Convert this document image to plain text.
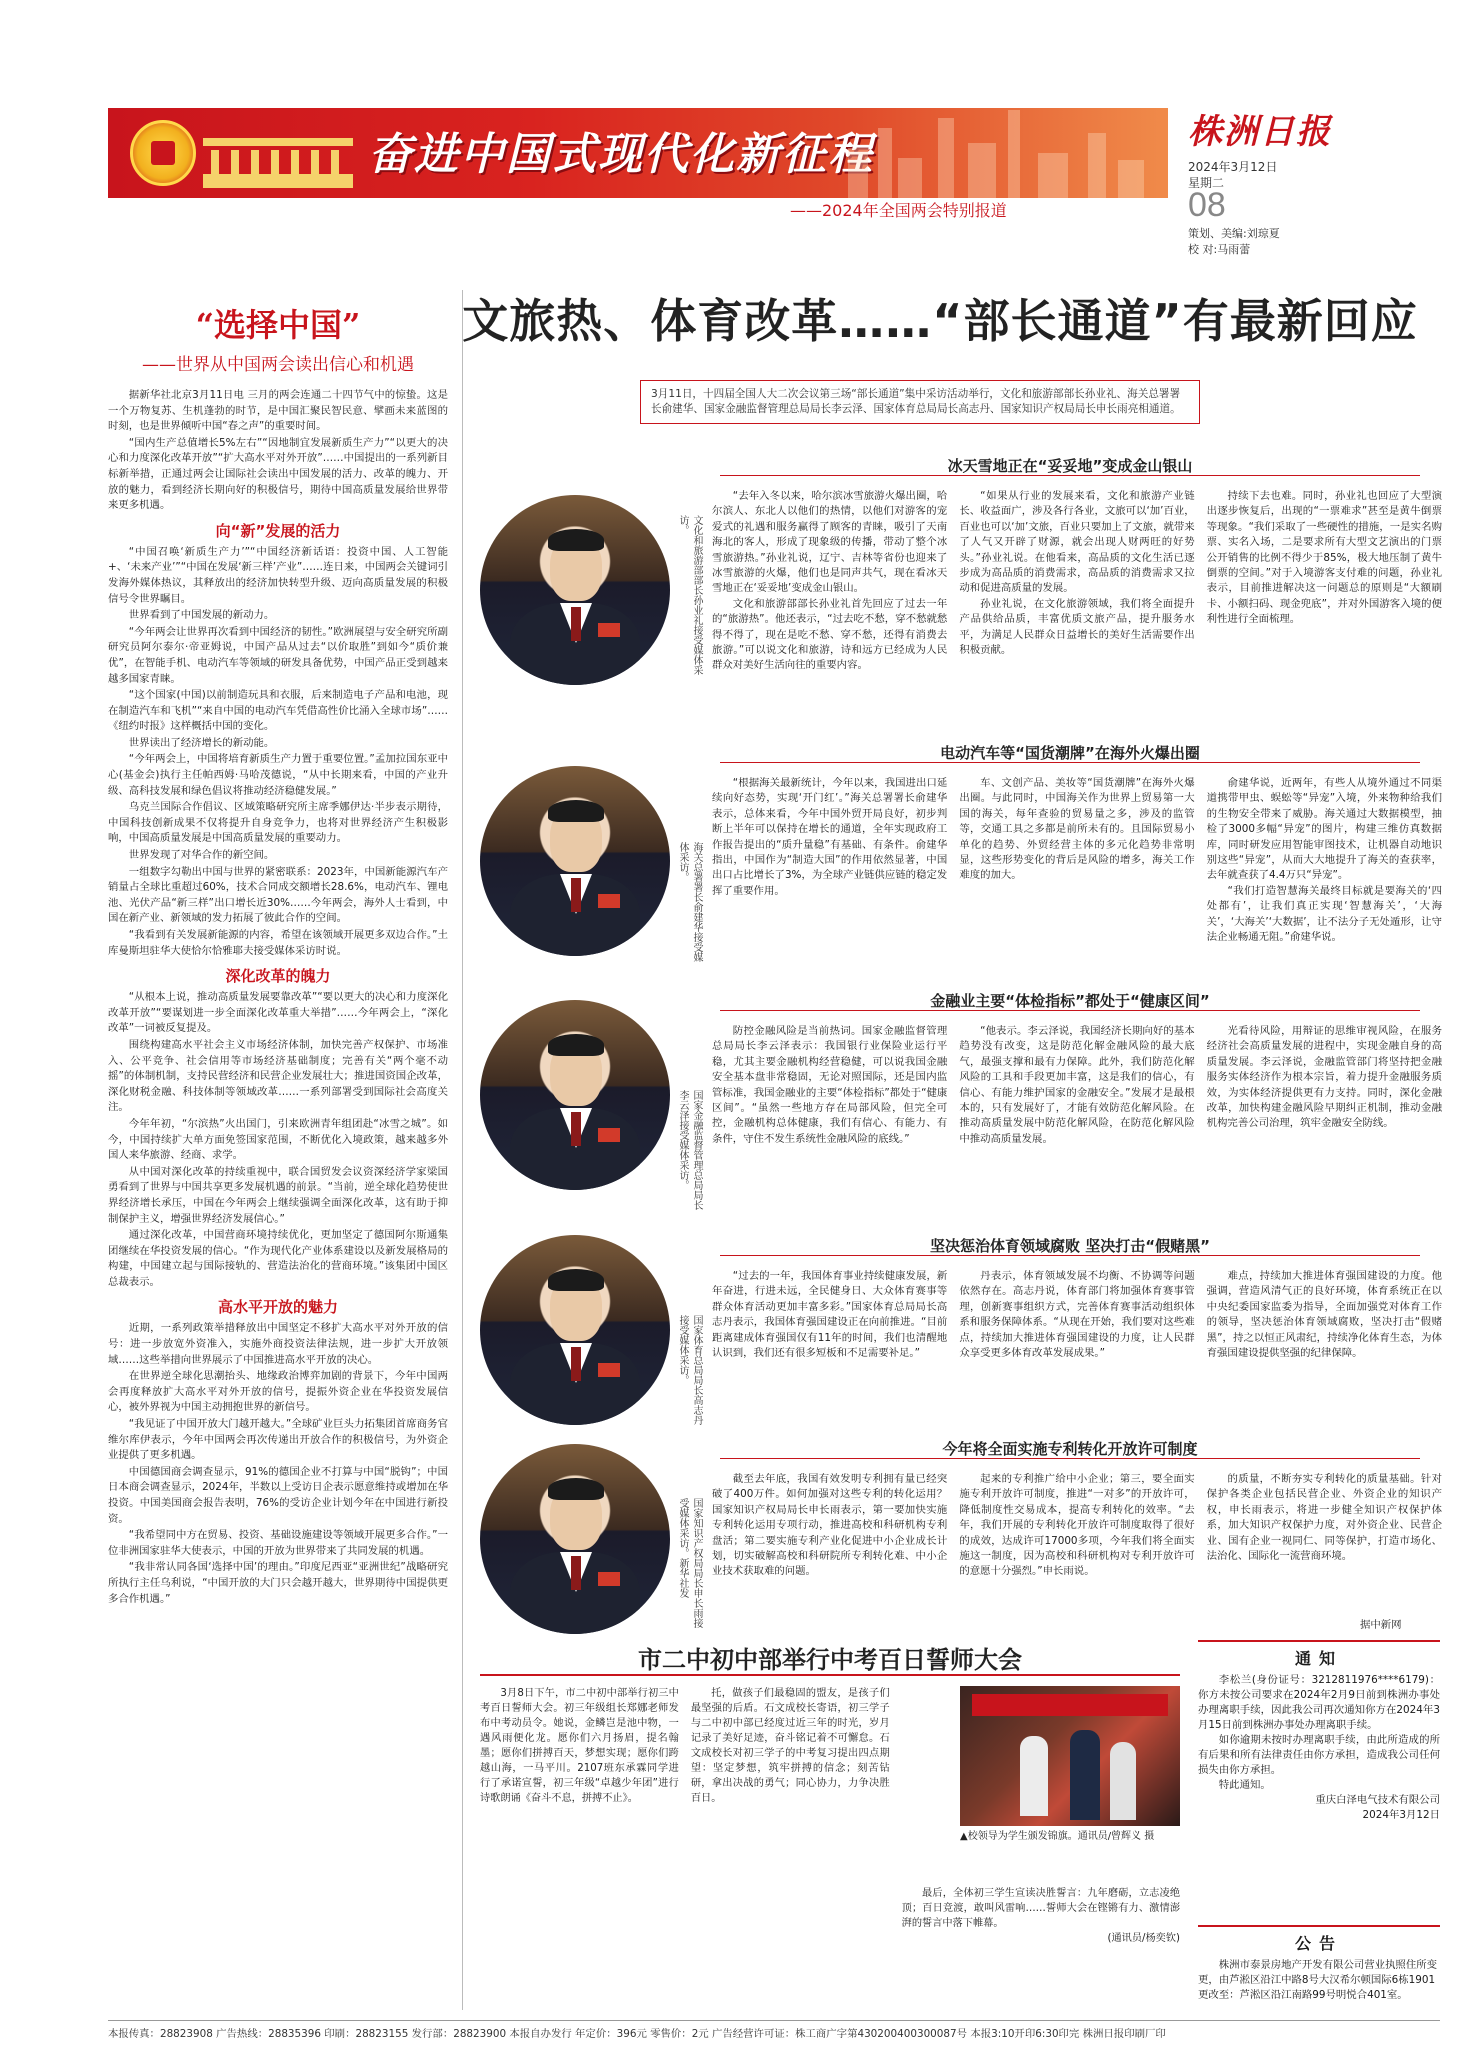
奋进中国式现代化新征程
——2024年全国两会特别报道
株洲日报
2024年3月12日
星期二
08
策划、美编:刘琼夏
校 对:马雨蕾
“选择中国”
——世界从中国两会读出信心和机遇

据新华社北京3月11日电 三月的两会连通二十四节气中的惊蛰。这是一个万物复苏、生机蓬勃的时节，是中国汇聚民智民意、擘画未来蓝图的时刻，也是世界倾听中国“春之声”的重要时间。

“国内生产总值增长5%左右”“因地制宜发展新质生产力”“以更大的决心和力度深化改革开放”“扩大高水平对外开放”……中国提出的一系列新目标新举措，正通过两会让国际社会读出中国发展的活力、改革的魄力、开放的魅力，看到经济长期向好的积极信号，期待中国高质量发展给世界带来更多机遇。

向“新”发展的活力

“中国召唤‘新质生产力’”“中国经济新话语：投资中国、人工智能+、‘未来产业’”“中国在发展‘新三样’产业”……连日来，中国两会关键词引发海外媒体热议，其释放出的经济加快转型升级、迈向高质量发展的积极信号令世界瞩目。

世界看到了中国发展的新动力。

“今年两会让世界再次看到中国经济的韧性。”欧洲展望与安全研究所副研究员阿尔泰尔·帝亚姆说，中国产品从过去“以价取胜”到如今“质价兼优”，在智能手机、电动汽车等领域的研发具备优势，中国产品正受到越来越多国家青睐。

“这个国家(中国)以前制造玩具和衣服，后来制造电子产品和电池，现在制造汽车和飞机”“来自中国的电动汽车凭借高性价比涌入全球市场”……《纽约时报》这样概括中国的变化。

世界读出了经济增长的新动能。

“今年两会上，中国将培育新质生产力置于重要位置。”孟加拉国东亚中心(基金会)执行主任帕西姆·马哈茂德说，“从中长期来看，中国的产业升级、高科技发展和绿色倡议将推动经济稳健发展。”

乌克兰国际合作倡议、区域策略研究所主席季娜伊达·半步表示期待，中国科技创新成果不仅将提升自身竞争力，也将对世界经济产生积极影响，中国高质量发展是中国高质量发展的重要动力。

世界发现了对华合作的新空间。

一组数字勾勒出中国与世界的紧密联系：2023年，中国新能源汽车产销量占全球比重超过60%，技术合同成交额增长28.6%，电动汽车、锂电池、光伏产品“新三样”出口增长近30%……今年两会，海外人士看到，中国在新产业、新领域的发力拓展了彼此合作的空间。

“我看到有关发展新能源的内容，希望在该领域开展更多双边合作。”土库曼斯坦驻华大使恰尔恰雅耶夫接受媒体采访时说。

深化改革的魄力

“从根本上说，推动高质量发展要靠改革”“要以更大的决心和力度深化改革开放”“要谋划进一步全面深化改革重大举措”……今年两会上，“深化改革”一词被反复提及。

围绕构建高水平社会主义市场经济体制，加快完善产权保护、市场准入、公平竞争、社会信用等市场经济基础制度；完善有关“两个毫不动摇”的体制机制，支持民营经济和民营企业发展壮大；推进国资国企改革，深化财税金融、科技体制等领域改革……一系列部署受到国际社会高度关注。

今年年初，“尔滨热”火出国门，引来欧洲青年组团赴“冰雪之城”。如今，中国持续扩大单方面免签国家范围，不断优化入境政策，越来越多外国人来华旅游、经商、求学。

从中国对深化改革的持续重视中，联合国贸发会议资深经济学家梁国勇看到了世界与中国共享更多发展机遇的前景。“当前，逆全球化趋势使世界经济增长承压，中国在今年两会上继续强调全面深化改革，这有助于抑制保护主义，增强世界经济发展信心。”

通过深化改革，中国营商环境持续优化，更加坚定了德国阿尔斯通集团继续在华投资发展的信心。“作为现代化产业体系建设以及新发展格局的构建，中国建立起与国际接轨的、营造法治化的营商环境。”该集团中国区总裁表示。

高水平开放的魅力

近期，一系列政策举措释放出中国坚定不移扩大高水平对外开放的信号：进一步放宽外资准入，实施外商投资法律法规，进一步扩大开放领域……这些举措向世界展示了中国推进高水平开放的决心。

在世界逆全球化思潮抬头、地缘政治博弈加剧的背景下，今年中国两会再度释放扩大高水平对外开放的信号，提振外资企业在华投资发展信心，被外界视为中国主动拥抱世界的新信号。

“我见证了中国开放大门越开越大。”全球矿业巨头力拓集团首席商务官维尔库伊表示，今年中国两会再次传递出开放合作的积极信号，为外资企业提供了更多机遇。

中国德国商会调查显示，91%的德国企业不打算与中国“脱钩”；中国日本商会调查显示，2024年，半数以上受访日企表示愿意维持或增加在华投资。中国美国商会报告表明，76%的受访企业计划今年在中国进行新投资。

“我希望同中方在贸易、投资、基础设施建设等领域开展更多合作。”一位非洲国家驻华大使表示，中国的开放为世界带来了共同发展的机遇。

“我非常认同各国‘选择中国’的理由。”印度尼西亚“亚洲世纪”战略研究所执行主任乌利说，“中国开放的大门只会越开越大，世界期待中国提供更多合作机遇。”

文旅热、体育改革……“部长通道”有最新回应
3月11日，十四届全国人大二次会议第三场“部长通道”集中采访活动举行，文化和旅游部部长孙业礼、海关总署署长俞建华、国家金融监督管理总局局长李云泽、国家体育总局局长高志丹、国家知识产权局局长申长雨亮相通道。
冰天雪地正在“妥妥地”变成金山银山
文化和旅游部部长孙业礼接受媒体采访。

“去年入冬以来，哈尔滨冰雪旅游火爆出圈，哈尔滨人、东北人以他们的热情，以他们对游客的宠爱式的礼遇和服务赢得了顾客的青睐，吸引了天南海北的客人，形成了现象级的传播，带动了整个冰雪旅游热。”孙业礼说，辽宁、吉林等省份也迎来了冰雪旅游的火爆，他们也是同声共气，现在看冰天雪地正在‘妥妥地’变成金山银山。

文化和旅游部部长孙业礼首先回应了过去一年的“旅游热”。他还表示，“过去吃不愁，穿不愁就愁得不得了，现在是吃不愁、穿不愁，还得有消费去旅游。”可以说文化和旅游，诗和远方已经成为人民群众对美好生活向往的重要内容。

“如果从行业的发展来看，文化和旅游产业链长、收益面广，涉及各行各业，文旅可以‘加’百业，百业也可以‘加’文旅，百业只要加上了文旅，就带来了人气又开辟了财源，就会出现人财两旺的好势头。”孙业礼说。在他看来，高品质的文化生活已逐步成为高品质的消费需求，高品质的消费需求又拉动和促进高质量的发展。

孙业礼说，在文化旅游领域，我们将全面提升产品供给品质，丰富优质文旅产品，提升服务水平，为满足人民群众日益增长的美好生活需要作出积极贡献。

持续下去也难。同时，孙业礼也回应了大型演出逐步恢复后，出现的“一票难求”甚至是黄牛倒票等现象。“我们采取了一些硬性的措施，一是实名购票、实名入场，二是要求所有大型文艺演出的门票公开销售的比例不得少于85%，极大地压制了黄牛倒票的空间。”对于入境游客支付难的问题，孙业礼表示，目前推进解决这一问题总的原则是“大额刷卡、小额扫码、现金兜底”，并对外国游客入境的便利性进行全面梳理。

电动汽车等“国货潮牌”在海外火爆出圈
海关总署署长俞建华接受媒体采访。

“根据海关最新统计，今年以来，我国进出口延续向好态势，实现‘开门红’。”海关总署署长俞建华表示，总体来看，今年中国外贸开局良好，初步判断上半年可以保持在增长的通道，全年实现政府工作报告提出的“质升量稳”有基础、有条件。俞建华指出，中国作为“制造大国”的作用依然显著，中国出口占比增长了3%，为全球产业链供应链的稳定发挥了重要作用。

车、文创产品、美妆等“国货潮牌”在海外火爆出圈。与此同时，中国海关作为世界上贸易第一大国的海关，每年查验的贸易量之多，涉及的监管等，交通工具之多都是前所未有的。且国际贸易小单化的趋势、外贸经营主体的多元化趋势非常明显，这些形势变化的背后是风险的增多，海关工作难度的加大。

俞建华说，近两年，有些人从境外通过不同渠道携带甲虫、蜈蚣等“异宠”入境，外来物种给我们的生物安全带来了威胁。海关通过大数据模型，抽检了3000多幅“异宠”的图片，构建三维仿真数据库，同时研发应用智能审图技术，让机器自动地识别这些“异宠”，从而大大地提升了海关的查获率，去年就查获了4.4万只“异宠”。

“我们打造智慧海关最终目标就是要海关的‘四处都有’，让我们真正实现‘智慧海关’，‘大海关’，‘大海关’‘大数据’，让不法分子无处遁形，让守法企业畅通无阻。”俞建华说。

金融业主要“体检指标”都处于“健康区间”
国家金融监督管理总局局长李云泽接受媒体采访。

防控金融风险是当前热词。国家金融监督管理总局局长李云泽表示：我国银行业保险业运行平稳，尤其主要金融机构经营稳健，可以说我国金融安全基本盘非常稳固，无论对照国际，还是国内监管标准，我国金融业的主要“体检指标”都处于“健康区间”。“虽然一些地方存在局部风险，但完全可控，金融机构总体健康，我们有信心、有能力、有条件，守住不发生系统性金融风险的底线。”

“他表示。李云泽说，我国经济长期向好的基本趋势没有改变，这是防范化解金融风险的最大底气，最强支撑和最有力保障。此外，我们防范化解风险的工具和手段更加丰富，这是我们的信心，有信心、有能力维护国家的金融安全。”发展才是最根本的，只有发展好了，才能有效防范化解风险。在推动高质量发展中防范化解风险，在防范化解风险中推动高质量发展。

光看待风险，用辩证的思维审视风险，在服务经济社会高质量发展的进程中，实现金融自身的高质量发展。李云泽说，金融监管部门将坚持把金融服务实体经济作为根本宗旨，着力提升金融服务质效，为实体经济提供更有力支持。同时，深化金融改革，加快构建金融风险早期纠正机制，推动金融机构完善公司治理，筑牢金融安全防线。

坚决惩治体育领域腐败 坚决打击“假赌黑”
国家体育总局局长高志丹接受媒体采访。

“过去的一年，我国体育事业持续健康发展，新年奋进，行进未远，全民健身日、大众体育赛事等群众体育活动更加丰富多彩。”国家体育总局局长高志丹表示，我国体育强国建设正在向前推进。“目前距离建成体育强国仅有11年的时间，我们也清醒地认识到，我们还有很多短板和不足需要补足。”

丹表示，体育领域发展不均衡、不协调等问题依然存在。高志丹说，体育部门将加强体育赛事管理，创新赛事组织方式，完善体育赛事活动组织体系和服务保障体系。“从现在开始，我们要对这些难点，持续加大推进体育强国建设的力度，让人民群众享受更多体育改革发展成果。”

难点，持续加大推进体育强国建设的力度。他强调，营造风清气正的良好环境，体育系统正在以中央纪委国家监委为指导，全面加强党对体育工作的领导，坚决惩治体育领域腐败，坚决打击“假赌黑”，持之以恒正风肃纪，持续净化体育生态，为体育强国建设提供坚强的纪律保障。

今年将全面实施专利转化开放许可制度
国家知识产权局局长申长雨接受媒体采访。新华社发

截至去年底，我国有效发明专利拥有量已经突破了400万件。如何加强对这些专利的转化运用？国家知识产权局局长申长雨表示，第一要加快实施专利转化运用专项行动，推进高校和科研机构专利盘活；第二要实施专利产业化促进中小企业成长计划，切实破解高校和科研院所专利转化难、中小企业技术获取难的问题。

起来的专利推广给中小企业；第三，要全面实施专利开放许可制度，推进“一对多”的开放许可，降低制度性交易成本，提高专利转化的效率。“去年，我们开展的专利转化开放许可制度取得了很好的成效，达成许可17000多项，今年我们将全面实施这一制度，因为高校和科研机构对专利开放许可的意愿十分强烈。”申长雨说。

的质量，不断夯实专利转化的质量基础。针对保护各类企业包括民营企业、外资企业的知识产权，申长雨表示，将进一步健全知识产权保护体系，加大知识产权保护力度，对外资企业、民营企业、国有企业一视同仁、同等保护，打造市场化、法治化、国际化一流营商环境。

据中新网
市二中初中部举行中考百日誓师大会

3月8日下午，市二中初中部举行初三中考百日誓师大会。初三年级组长郑娜老师发布中考动员令。她说，金鳞岂是池中物，一遇风雨便化龙。愿你们六月扬眉，提名翰墨；愿你们拼搏百天，梦想实现；愿你们跨越山海，一马平川。2107班东承霖同学进行了承诺宣誓，初三年级“卓越少年团”进行诗歌朗诵《奋斗不息，拼搏不止》。

托，做孩子们最稳固的盟友，是孩子们最坚强的后盾。石文成校长寄语，初三学子与二中初中部已经度过近三年的时光，岁月记录了美好足迹，奋斗铭记着不可懈怠。石文成校长对初三学子的中考复习提出四点期望：坚定梦想，筑牢拼搏的信念；刻苦钻研，拿出决战的勇气；同心协力，力争决胜百日。

最后，全体初三学生宣读决胜誓言：九年磨砺，立志凌绝顶；百日竞渡，敢叫风雷响……誓师大会在铿锵有力、激情澎湃的誓言中落下帷幕。

(通讯员/杨奕钦)

▲校领导为学生颁发锦旗。通讯员/曾辉义 摄
通知

李松兰(身份证号：3212811976****6179)：你方未按公司要求在2024年2月9日前到株洲办事处办理离职手续，因此我公司再次通知你方在2024年3月15日前到株洲办事处办理离职手续。

如你逾期未按时办理离职手续，由此所造成的所有后果和所有法律责任由你方承担，造成我公司任何损失由你方承担。

特此通知。

重庆白泽电气技术有限公司

2024年3月12日

公告

株洲市泰景房地产开发有限公司营业执照住所变更，由芦淞区沿江中路8号大汉希尔顿国际6栋1901更改至：芦淞区沿江南路99号明悦合401室。

本报传真：28823908 广告热线：28835396 印刷：28823155 发行部：28823900 本报自办发行 年定价：396元 零售价：2元 广告经营许可证：株工商广字第430200400300087号 本报3:10开印6:30印完 株洲日报印刷厂印
